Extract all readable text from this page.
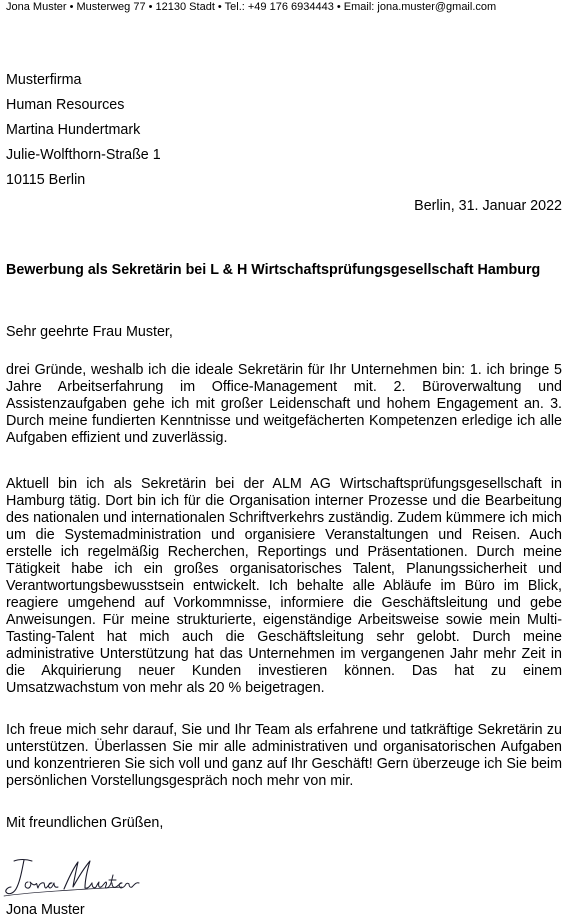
Jona Muster • Musterweg 77 • 12130 Stadt • Tel.: +49 176 6934443 • Email: jona.muster@gmail.com
Musterfirma
Human Resources
Martina Hundertmark
Julie-Wolfthorn-Straße 1
10115 Berlin
Berlin, 31. Januar 2022
Bewerbung als Sekretärin bei L & H Wirtschaftsprüfungsgesellschaft Hamburg
Sehr geehrte Frau Muster,
drei Gründe, weshalb ich die ideale Sekretärin für Ihr Unternehmen bin: 1. ich bringe 5 Jahre Arbeitserfahrung im Office-Management mit. 2. Büroverwaltung und Assistenzaufgaben gehe ich mit großer Leidenschaft und hohem Engagement an. 3. Durch meine fundierten Kenntnisse und weitgefächerten Kompetenzen erledige ich alle Aufgaben effizient und zuverlässig.
Aktuell bin ich als Sekretärin bei der ALM AG Wirtschaftsprüfungsgesellschaft in Hamburg tätig. Dort bin ich für die Organisation interner Prozesse und die Bearbeitung des nationalen und internationalen Schriftverkehrs zuständig. Zudem kümmere ich mich um die Systemadministration und organisiere Veranstaltungen und Reisen. Auch erstelle ich regelmäßig Recherchen, Reportings und Präsentationen. Durch meine Tätigkeit habe ich ein großes organisatorisches Talent, Planungssicherheit und Verantwortungsbewusstsein entwickelt. Ich behalte alle Abläufe im Büro im Blick, reagiere umgehend auf Vorkommnisse, informiere die Geschäftsleitung und gebe Anweisungen. Für meine strukturierte, eigenständige Arbeitsweise sowie mein Multi-Tasting-Talent hat mich auch die Geschäftsleitung sehr gelobt. Durch meine administrative Unterstützung hat das Unternehmen im vergangenen Jahr mehr Zeit in die Akquirierung neuer Kunden investieren können. Das hat zu einem Umsatzwachstum von mehr als 20 % beigetragen.
Ich freue mich sehr darauf, Sie und Ihr Team als erfahrene und tatkräftige Sekretärin zu unterstützen. Überlassen Sie mir alle administrativen und organisatorischen Aufgaben und konzentrieren Sie sich voll und ganz auf Ihr Geschäft! Gern überzeuge ich Sie beim persönlichen Vorstellungsgespräch noch mehr von mir.
Mit freundlichen Grüßen,
Jona Muster
